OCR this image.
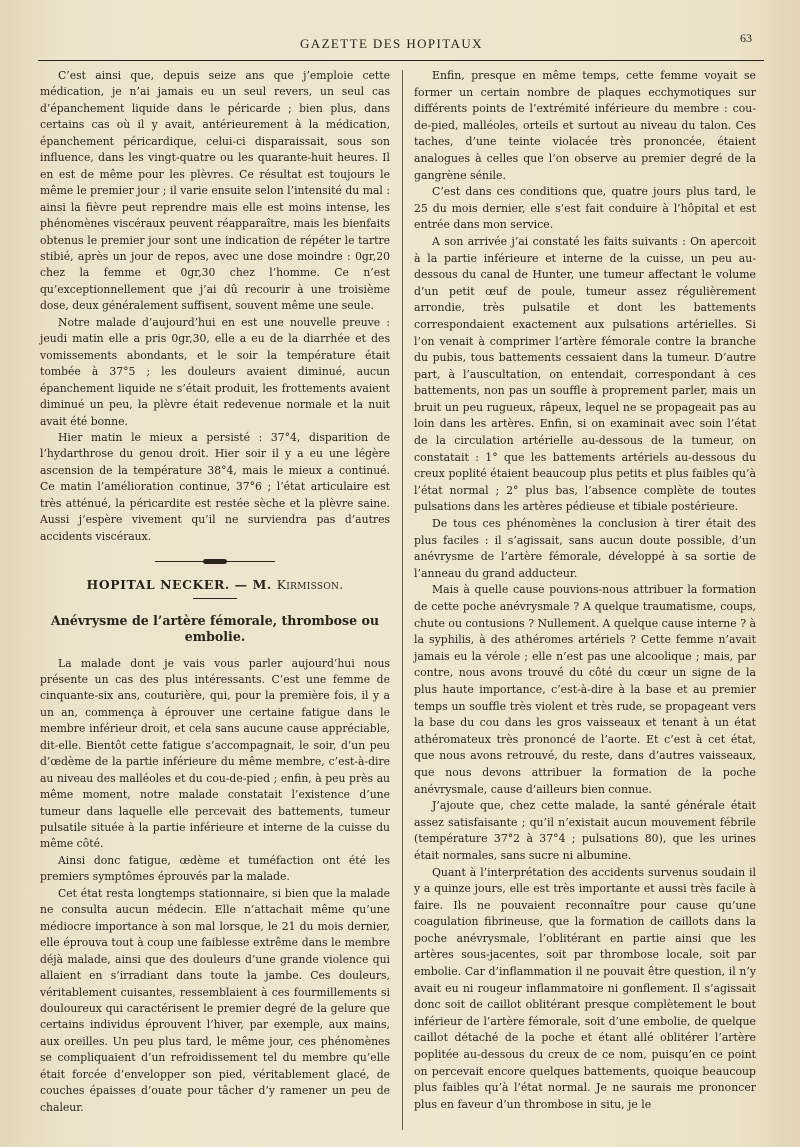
GAZETTE DES HOPITAUX	63

C’est ainsi que, depuis seize ans que j’emploie cette médication, je n’ai jamais eu un seul revers, un seul cas d’épanchement liquide dans le péricarde ; bien plus, dans certains cas où il y avait, antérieurement à la médication, épanchement péricardique, celui-ci disparaissait, sous son influence, dans les vingt-quatre ou les quarante-huit heures. Il en est de même pour les plèvres. Ce résultat est toujours le même le premier jour ; il varie ensuite selon l’intensité du mal : ainsi la fièvre peut reprendre mais elle est moins intense, les phénomènes viscéraux peuvent réapparaître, mais les bienfaits obtenus le premier jour sont une indication de répéter le tartre stibié, après un jour de repos, avec une dose moindre : 0gr,20 chez la femme et 0gr,30 chez l’homme. Ce n’est qu’exceptionnellement que j’ai dû recourir à une troisième dose, deux généralement suffisent, souvent même une seule.

Notre malade d’aujourd’hui en est une nouvelle preuve : jeudi matin elle a pris 0gr,30, elle a eu de la diarrhée et des vomissements abondants, et le soir la température était tombée à 37°5 ; les douleurs avaient diminué, aucun épanchement liquide ne s’était produit, les frottements avaient diminué un peu, la plèvre était redevenue normale et la nuit avait été bonne.

Hier matin le mieux a persisté : 37°4, disparition de l’hydarthrose du genou droit. Hier soir il y a eu une légère ascension de la température 38°4, mais le mieux a continué. Ce matin l’amélioration continue, 37°6 ; l’état articulaire est très atténué, la péricardite est restée sèche et la plèvre saine. Aussi j’espère vivement qu’il ne surviendra pas d’autres accidents viscéraux.

HOPITAL NECKER. — M. Kirmisson.
Anévrysme de l’artère fémorale, thrombose ou embolie.

La malade dont je vais vous parler aujourd’hui nous présente un cas des plus intéressants. C’est une femme de cinquante-six ans, couturière, qui, pour la première fois, il y a un an, commença à éprouver une certaine fatigue dans le membre inférieur droit, et cela sans aucune cause appréciable, dit-elle. Bientôt cette fatigue s’accompagnait, le soir, d’un peu d’œdème de la partie inférieure du même membre, c’est-à-dire au niveau des malléoles et du cou-de-pied ; enfin, à peu près au même moment, notre malade constatait l’existence d’une tumeur dans laquelle elle percevait des battements, tumeur pulsatile située à la partie inférieure et interne de la cuisse du même côté.

Ainsi donc fatigue, œdème et tuméfaction ont été les premiers symptômes éprouvés par la malade.

Cet état resta longtemps stationnaire, si bien que la malade ne consulta aucun médecin. Elle n’attachait même qu’une médiocre importance à son mal lorsque, le 21 du mois dernier, elle éprouva tout à coup une faiblesse extrême dans le membre déjà malade, ainsi que des douleurs d’une grande violence qui allaient en s’irradiant dans toute la jambe. Ces douleurs, véritablement cuisantes, ressemblaient à ces fourmillements si douloureux qui caractérisent le premier degré de la gelure que certains individus éprouvent l’hiver, par exemple, aux mains, aux oreilles. Un peu plus tard, le même jour, ces phénomènes se compliquaient d’un refroidissement tel du membre qu’elle était forcée d’envelopper son pied, véritablement glacé, de couches épaisses d’ouate pour tâcher d’y ramener un peu de chaleur.

Enfin, presque en même temps, cette femme voyait se former un certain nombre de plaques ecchymotiques sur différents points de l’extrémité inférieure du membre : cou-de-pied, malléoles, orteils et surtout au niveau du talon. Ces taches, d’une teinte violacée très prononcée, étaient analogues à celles que l’on observe au premier degré de la gangrène sénile.

C’est dans ces conditions que, quatre jours plus tard, le 25 du mois dernier, elle s’est fait conduire à l’hôpital et est entrée dans mon service.

A son arrivée j’ai constaté les faits suivants : On apercoit à la partie inférieure et interne de la cuisse, un peu au-dessous du canal de Hunter, une tumeur affectant le volume d’un petit œuf de poule, tumeur assez régulièrement arrondie, très pulsatile et dont les battements correspondaient exactement aux pulsations artérielles. Si l’on venait à comprimer l’artère fémorale contre la branche du pubis, tous battements cessaient dans la tumeur. D’autre part, à l’auscultation, on entendait, correspondant à ces battements, non pas un souffle à proprement parler, mais un bruit un peu rugueux, râpeux, lequel ne se propageait pas au loin dans les artères. Enfin, si on examinait avec soin l’état de la circulation artérielle au-dessous de la tumeur, on constatait : 1° que les battements artériels au-dessous du creux poplité étaient beaucoup plus petits et plus faibles qu’à l’état normal ; 2° plus bas, l’absence complète de toutes pulsations dans les artères pédieuse et tibiale postérieure.

De tous ces phénomènes la conclusion à tirer était des plus faciles : il s’agissait, sans aucun doute possible, d’un anévrysme de l’artère fémorale, développé à sa sortie de l’anneau du grand adducteur.

Mais à quelle cause pouvions-nous attribuer la formation de cette poche anévrysmale ? A quelque traumatisme, coups, chute ou contusions ? Nullement. A quelque cause interne ? à la syphilis, à des athéromes artériels ? Cette femme n’avait jamais eu la vérole ; elle n’est pas une alcoolique ; mais, par contre, nous avons trouvé du côté du cœur un signe de la plus haute importance, c’est-à-dire à la base et au premier temps un souffle très violent et très rude, se propageant vers la base du cou dans les gros vaisseaux et tenant à un état athéromateux très prononcé de l’aorte. Et c’est à cet état, que nous avons retrouvé, du reste, dans d’autres vaisseaux, que nous devons attribuer la formation de la poche anévrysmale, cause d’ailleurs bien connue.

J’ajoute que, chez cette malade, la santé générale était assez satisfaisante ; qu’il n’existait aucun mouvement fébrile (température 37°2 à 37°4 ; pulsations 80), que les urines était normales, sans sucre ni albumine.

Quant à l’interprétation des accidents survenus soudain il y a quinze jours, elle est très importante et aussi très facile à faire. Ils ne pouvaient reconnaître pour cause qu’une coagulation fibrineuse, que la formation de caillots dans la poche anévrysmale, l’oblitérant en partie ainsi que les artères sous-jacentes, soit par thrombose locale, soit par embolie. Car d’inflammation il ne pouvait être question, il n’y avait eu ni rougeur inflammatoire ni gonflement. Il s’agissait donc soit de caillot oblitérant presque complètement le bout inférieur de l’artère fémorale, soit d’une embolie, de quelque caillot détaché de la poche et étant allé oblitérer l’artère poplitée au-dessous du creux de ce nom, puisqu’en ce point on percevait encore quelques battements, quoique beaucoup plus faibles qu’à l’état normal. Je ne saurais me prononcer plus en faveur d’un thrombose in situ, je le
